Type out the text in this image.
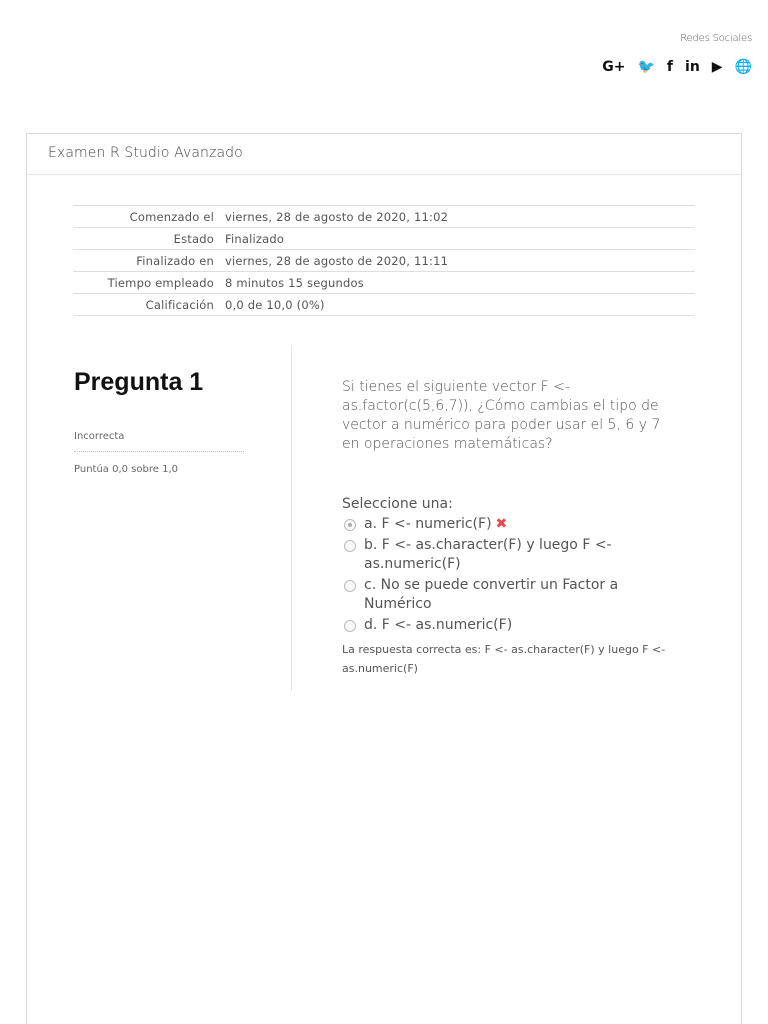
Redes Sociales
G+ 🐦 f in ▶ 🌐
Examen R Studio Avanzado
Comenzado el	viernes, 28 de agosto de 2020, 11:02
Estado	Finalizado
Finalizado en	viernes, 28 de agosto de 2020, 11:11
Tiempo empleado	8 minutos 15 segundos
Calificación	0,0 de 10,0 (0%)
Pregunta 1
Incorrecta
Puntúa 0,0 sobre 1,0
Si tienes el siguiente vector F <- as.factor(c(5,6,7)), ¿Cómo cambias el tipo de vector a numérico para poder usar el 5, 6 y 7 en operaciones matemáticas?
Seleccione una:
a. F <- numeric(F) ✖
b. F <- as.character(F) y luego F <- as.numeric(F)
c. No se puede convertir un Factor a Numérico
d. F <- as.numeric(F)
La respuesta correcta es: F <- as.character(F) y luego F <- as.numeric(F)
